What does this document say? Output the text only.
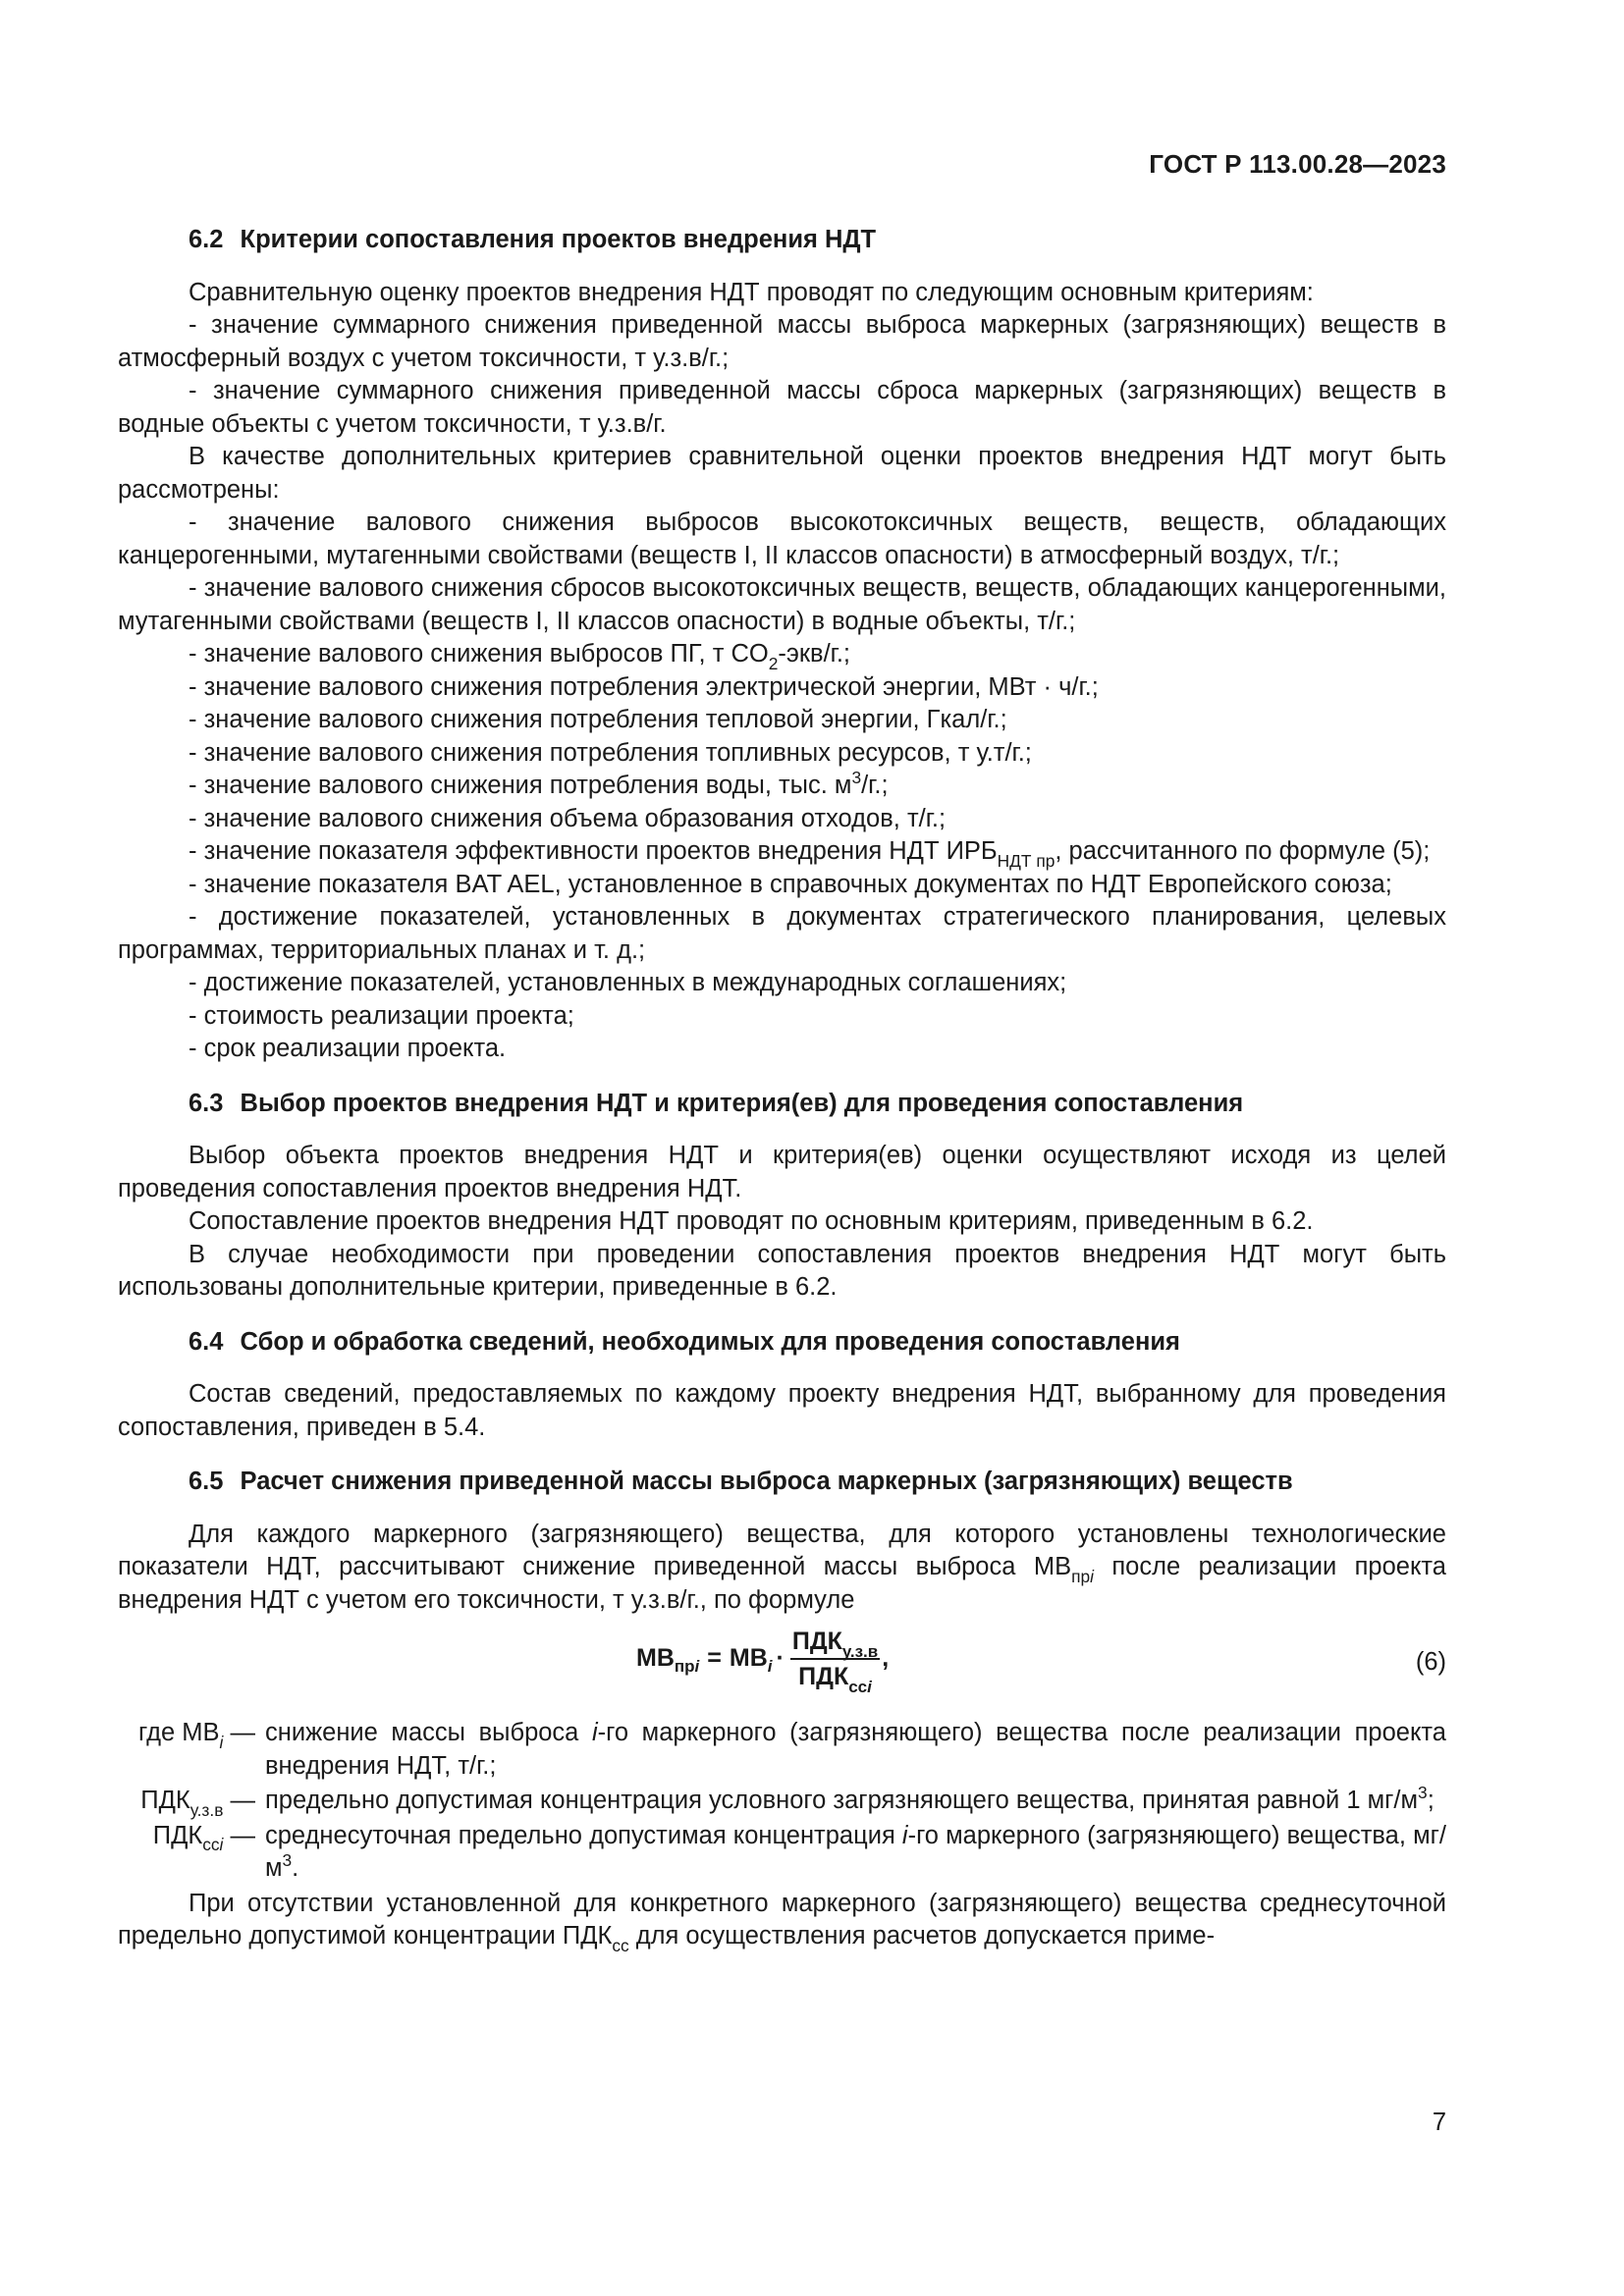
ГОСТ Р 113.00.28—2023
6.2 Критерии сопоставления проектов внедрения НДТ

Сравнительную оценку проектов внедрения НДТ проводят по следующим основным критериям:

- значение суммарного снижения приведенной массы выброса маркерных (загрязняющих) веществ в атмосферный воздух с учетом токсичности, т у.з.в/г.;

- значение суммарного снижения приведенной массы сброса маркерных (загрязняющих) веществ в водные объекты с учетом токсичности, т у.з.в/г.

В качестве дополнительных критериев сравнительной оценки проектов внедрения НДТ могут быть рассмотрены:

- значение валового снижения выбросов высокотоксичных веществ, веществ, обладающих канцерогенными, мутагенными свойствами (веществ I, II классов опасности) в атмосферный воздух, т/г.;

- значение валового снижения сбросов высокотоксичных веществ, веществ, обладающих канцерогенными, мутагенными свойствами (веществ I, II классов опасности) в водные объекты, т/г.;

- значение валового снижения выбросов ПГ, т $CO_2-экв/г$.;

- значение валового снижения потребления электрической энергии, МВт · ч/г.;

- значение валового снижения потребления тепловой энергии, Гкал/г.;

- значение валового снижения потребления топливных ресурсов, т у.т/г.;

- значение валового снижения потребления воды, тыс. $м^3/г$.;

- значение валового снижения объема образования отходов, т/г.;

- значение показателя эффективности проектов внедрения НДТ $ИРБ_{НДТ пр}$, рассчитанного по формуле (5);

- значение показателя BAT AEL, установленное в справочных документах по НДТ Европейского союза;

- достижение показателей, установленных в документах стратегического планирования, целевых программах, территориальных планах и т. д.;

- достижение показателей, установленных в международных соглашениях;

- стоимость реализации проекта;

- срок реализации проекта.

6.3 Выбор проектов внедрения НДТ и критерия(ев) для проведения сопоставления

Выбор объекта проектов внедрения НДТ и критерия(ев) оценки осуществляют исходя из целей проведения сопоставления проектов внедрения НДТ.

Сопоставление проектов внедрения НДТ проводят по основным критериям, приведенным в 6.2.

В случае необходимости при проведении сопоставления проектов внедрения НДТ могут быть использованы дополнительные критерии, приведенные в 6.2.

6.4 Сбор и обработка сведений, необходимых для проведения сопоставления

Состав сведений, предоставляемых по каждому проекту внедрения НДТ, выбранному для проведения сопоставления, приведен в 5.4.

6.5 Расчет снижения приведенной массы выброса маркерных (загрязняющих) веществ

Для каждого маркерного (загрязняющего) вещества, для которого установлены технологические показатели НДТ, рассчитывают снижение приведенной массы выброса $МВ_{прi}$ после реализации проекта внедрения НДТ с учетом его токсичности, т у.з.в/г., по формуле

МВ $_{прi}$ = МВ $_i \cdot \frac{ПДК_{у.з.в}}{ПДК_{ссi}}$ ,	(6)
где $МВ_i$ — снижение массы выброса i-го маркерного (загрязняющего) вещества после реализации проекта внедрения НДТ, т/г.;
$ПДК_{у.з.в}$ — предельно допустимая концентрация условного загрязняющего вещества, принятая равной 1 $мг/м^3$;
$ПДК_{ссi}$ — среднесуточная предельно допустимая концентрация i-го маркерного (загрязняющего) вещества, $мг/м^3$.

При отсутствии установленной для конкретного маркерного (загрязняющего) вещества среднесуточной предельно допустимой концентрации $ПДК_{сс}$ для осуществления расчетов допускается приме-

7
